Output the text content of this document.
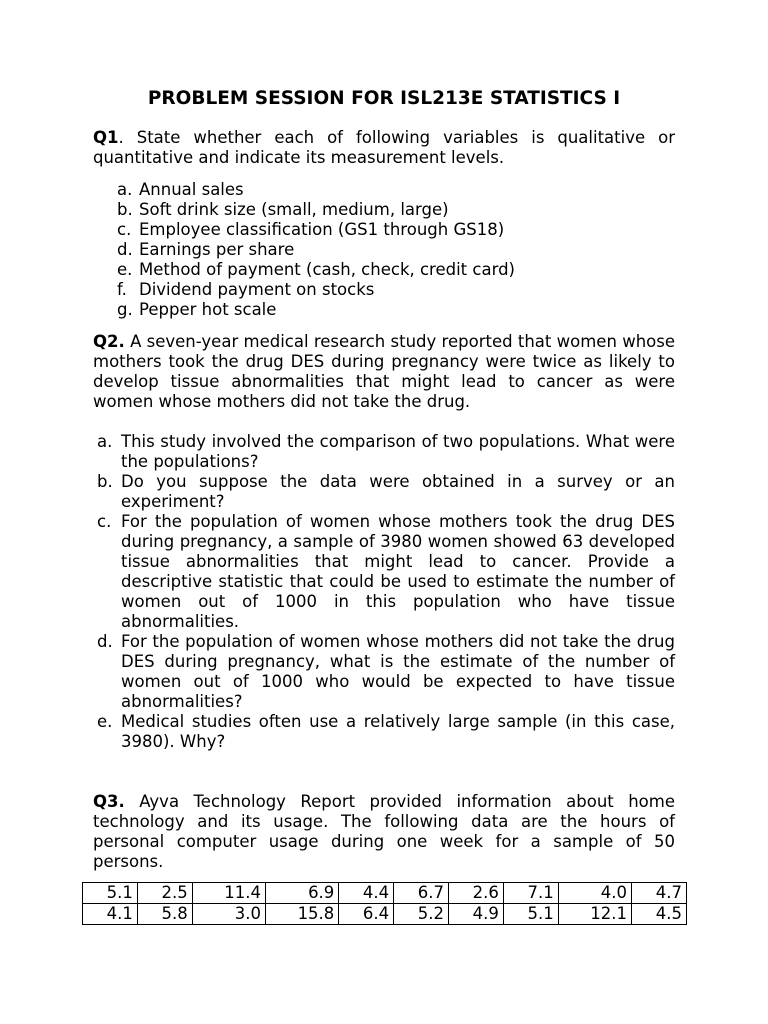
PROBLEM SESSION FOR ISL213E STATISTICS I

Q1. State whether each of following variables is qualitative or quantitative and indicate its measurement levels.

a. Annual sales
b. Soft drink size (small, medium, large)
c. Employee classification (GS1 through GS18)
d. Earnings per share
e. Method of payment (cash, check, credit card)
f. Dividend payment on stocks
g. Pepper hot scale

Q2. A seven-year medical research study reported that women whose mothers took the drug DES during pregnancy were twice as likely to develop tissue abnormalities that might lead to cancer as were women whose mothers did not take the drug.

a. This study involved the comparison of two populations. What were the populations?
b. Do you suppose the data were obtained in a survey or an experiment?
c. For the population of women whose mothers took the drug DES during pregnancy, a sample of 3980 women showed 63 developed tissue abnormalities that might lead to cancer. Provide a descriptive statistic that could be used to estimate the number of women out of 1000 in this population who have tissue abnormalities.
d. For the population of women whose mothers did not take the drug DES during pregnancy, what is the estimate of the number of women out of 1000 who would be expected to have tissue abnormalities?
e. Medical studies often use a relatively large sample (in this case, 3980). Why?

Q3. Ayva Technology Report provided information about home technology and its usage. The following data are the hours of personal computer usage during one week for a sample of 50 persons.

5.1	2.5	11.4	6.9	4.4	6.7	2.6	7.1	4.0	4.7
4.1	5.8	3.0	15.8	6.4	5.2	4.9	5.1	12.1	4.5
